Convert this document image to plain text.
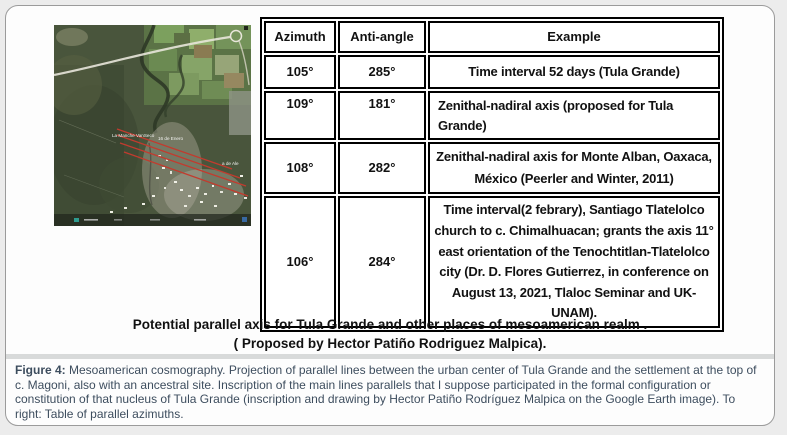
La Manche VanSeco
16 de Enero
a de Ale
Azimuth	Anti-angle	Example
105°	285°	Time interval 52 days (Tula Grande)
109°	181°	Zenithal-nadiral axis (proposed for Tula Grande)
108°	282°	Zenithal-nadiral axis for Monte Alban, Oaxaca, México (Peerler and Winter, 2011)
106°	284°	Time interval(2 febrary), Santiago Tlatelolco church to c. Chimalhuacan; grants the axis 11° east orientation of the Tenochtitlan-Tlatelolco city (Dr. D. Flores Gutierrez, in conference on August 13, 2021, Tlaloc Seminar and UK- UNAM).
Potential parallel axis for Tula Grande and other places of mesoamerican realm .
( Proposed by Hector Patiño Rodriguez Malpica).
Figure 4: Mesoamerican cosmography. Projection of parallel lines between the urban center of Tula Grande and the settlement at the top of c. Magoni, also with an ancestral site. Inscription of the main lines parallels that I suppose participated in the formal configuration or constitution of that nucleus of Tula Grande (inscription and drawing by Hector Patiño Rodríguez Malpica on the Google Earth image). To right: Table of parallel azimuths.
